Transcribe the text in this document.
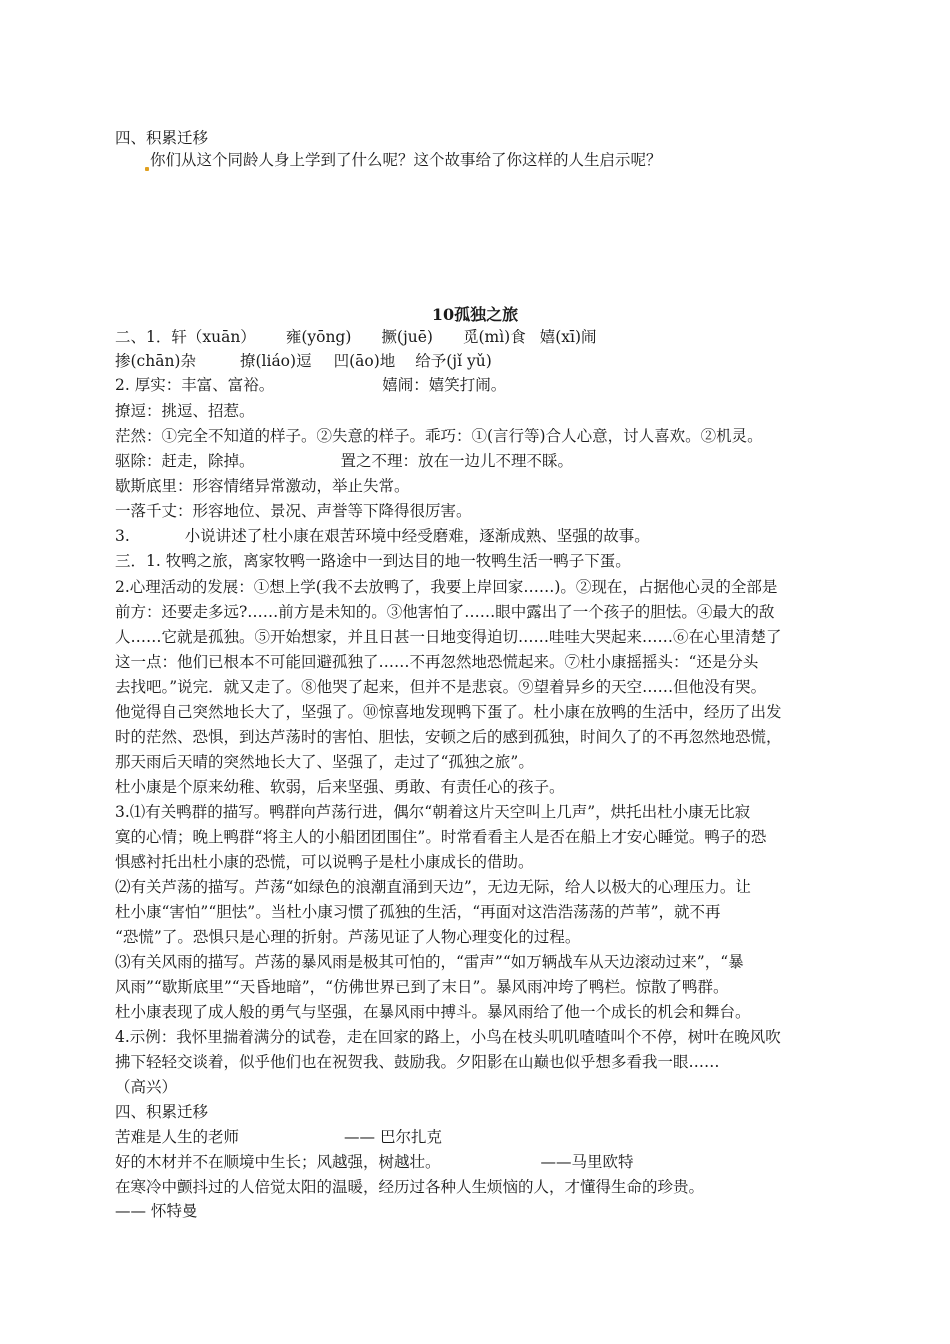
四、积累迁移
你们从这个同龄人身上学到了什么呢？这个故事给了你这样的人生启示呢？
10孤独之旅
二、1．轩（xuān） 雍(yōng) 撅(juē) 觅(mì)食 嬉(xī)闹
掺(chān)杂	撩(liáo)逗 凹(āo)地 给予(jǐ yǔ)
2. 厚实：丰富、富裕。	嬉闹：嬉笑打闹。
撩逗：挑逗、招惹。
茫然：①完全不知道的样子。②失意的样子。乖巧：①(言行等)合人心意，讨人喜欢。②机灵。
驱除：赶走，除掉。	置之不理：放在一边儿不理不睬。
歇斯底里：形容情绪异常激动，举止失常。
一落千丈：形容地位、景况、声誉等下降得很厉害。
3.	小说讲述了杜小康在艰苦环境中经受磨难，逐渐成熟、坚强的故事。
三．1. 牧鸭之旅，离家牧鸭一路途中一到达目的地一牧鸭生活一鸭子下蛋。
2.心理活动的发展：①想上学(我不去放鸭了，我要上岸回家……)。②现在，占据他心灵的全部是
前方：还要走多远?……前方是未知的。③他害怕了……眼中露出了一个孩子的胆怯。④最大的敌
人……它就是孤独。⑤开始想家，并且日甚一日地变得迫切……哇哇大哭起来……⑥在心里清楚了
这一点：他们已根本不可能回避孤独了……不再忽然地恐慌起来。⑦杜小康摇摇头：“还是分头
去找吧。”说完．就又走了。⑧他哭了起来，但并不是悲哀。⑨望着异乡的天空……但他没有哭。
他觉得自己突然地长大了，坚强了。⑩惊喜地发现鸭下蛋了。杜小康在放鸭的生活中，经历了出发
时的茫然、恐惧，到达芦荡时的害怕、胆怯，安顿之后的感到孤独，时间久了的不再忽然地恐慌，
那天雨后天晴的突然地长大了、坚强了，走过了“孤独之旅”。
杜小康是个原来幼稚、软弱，后来坚强、勇敢、有责任心的孩子。
3.⑴有关鸭群的描写。鸭群向芦荡行进，偶尔“朝着这片天空叫上几声”，烘托出杜小康无比寂
寞的心情；晚上鸭群“将主人的小船团团围住”。时常看看主人是否在船上才安心睡觉。鸭子的恐
惧感衬托出杜小康的恐慌，可以说鸭子是杜小康成长的借助。
⑵有关芦荡的描写。芦荡“如绿色的浪潮直涌到天边”，无边无际，给人以极大的心理压力。让
杜小康“害怕”“胆怯”。当杜小康习惯了孤独的生活，“再面对这浩浩荡荡的芦苇”，就不再
“恐慌”了。恐惧只是心理的折射。芦荡见证了人物心理变化的过程。
⑶有关风雨的描写。芦荡的暴风雨是极其可怕的，“雷声”“如万辆战车从天边滚动过来”，“暴
风雨”“歇斯底里”“天昏地暗”，“仿佛世界已到了末日”。暴风雨冲垮了鸭栏。惊散了鸭群。
杜小康表现了成人般的勇气与坚强，在暴风雨中搏斗。暴风雨给了他一个成长的机会和舞台。
4.示例：我怀里揣着满分的试卷，走在回家的路上，小鸟在枝头叽叽喳喳叫个不停，树叶在晚风吹
拂下轻轻交谈着，似乎他们也在祝贺我、鼓励我。夕阳影在山巅也似乎想多看我一眼……
（高兴）
四、积累迁移
苦难是人生的老师	—— 巴尔扎克
好的木材并不在顺境中生长；风越强，树越壮。	——马里欧特
在寒冷中颤抖过的人倍觉太阳的温暖，经历过各种人生烦恼的人，才懂得生命的珍贵。
—— 怀特曼
